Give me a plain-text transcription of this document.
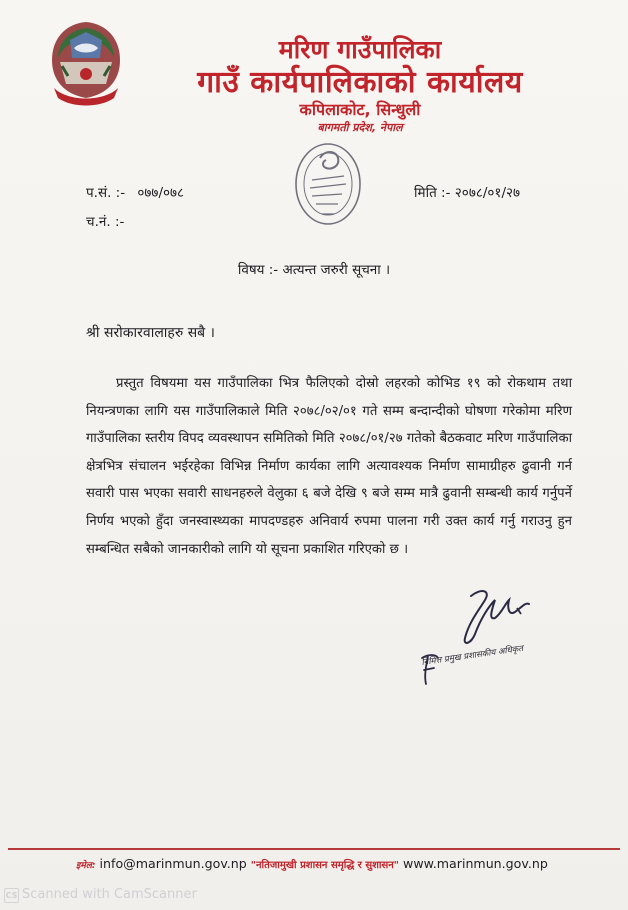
मरिण गाउँपालिका
गाउँ कार्यपालिकाको कार्यालय
कपिलाकोट, सिन्धुली
बागमती प्रदेश, नेपाल
प.सं. :- ०७७/०७८
च.नं. :-
मिति :- २०७८/०१/२७
विषय :- अत्यन्त जरुरी सूचना ।
श्री सरोकारवालाहरु सबै ।
प्रस्तुत विषयमा यस गाउँपालिका भित्र फैलिएको दोस्रो लहरको कोभिड १९ को रोकथाम तथा नियन्त्रणका लागि यस गाउँपालिकाले मिति २०७८/०२/०१ गते सम्म बन्दान्दीको घोषणा गरेकोमा मरिण गाउँपालिका स्तरीय विपद व्यवस्थापन समितिको मिति २०७८/०१/२७ गतेको बैठकवाट मरिण गाउँपालिका क्षेत्रभित्र संचालन भईरहेका विभिन्न निर्माण कार्यका लागि अत्यावश्यक निर्माण सामाग्रीहरु ढुवानी गर्न सवारी पास भएका सवारी साधनहरुले वेलुका ६ बजे देखि ९ बजे सम्म मात्रै ढुवानी सम्बन्धी कार्य गर्नुपर्ने निर्णय भएको हुँदा जनस्वास्थ्यका मापदण्डहरु अनिवार्य रुपमा पालना गरी उक्त कार्य गर्नु गराउनु हुन सम्बन्धित सबैको जानकारीको लागि यो सूचना प्रकाशित गरिएको छ ।
निमित्त प्रमुख प्रशासकीय अधिकृत
इमेल: info@marinmun.gov.np "नतिजामुखी प्रशासन समृद्धि र सुशासन" www.marinmun.gov.np
CS Scanned with CamScanner
